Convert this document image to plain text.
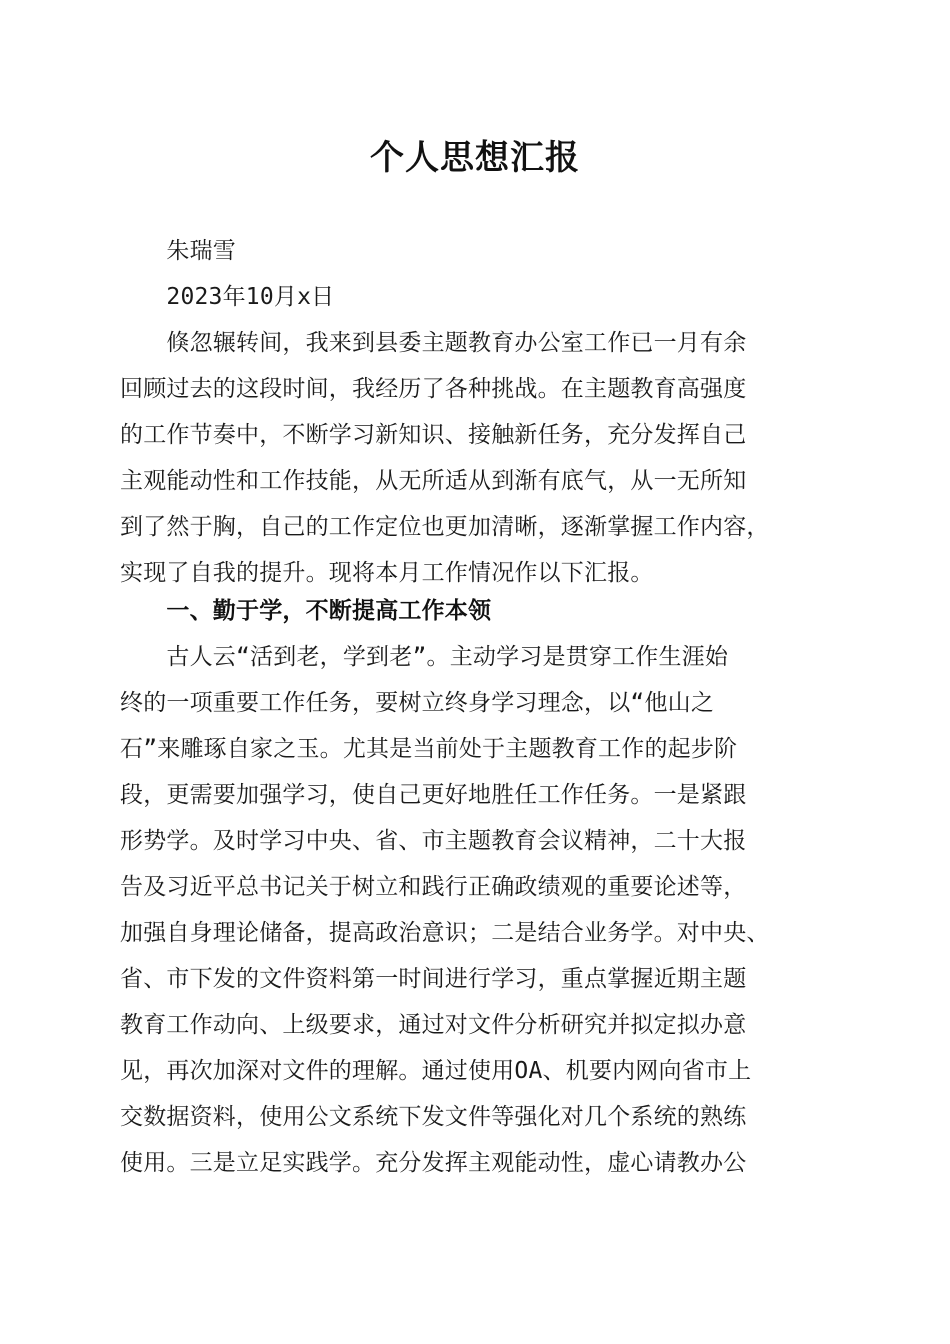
个人思想汇报
　　朱瑞雪
　　2023年10月x日
　　倏忽辗转间，我来到县委主题教育办公室工作已一月有余
回顾过去的这段时间，我经历了各种挑战。在主题教育高强度
的工作节奏中，不断学习新知识、接触新任务，充分发挥自己
主观能动性和工作技能，从无所适从到渐有底气，从一无所知
到了然于胸，自己的工作定位也更加清晰，逐渐掌握工作内容，
实现了自我的提升。现将本月工作情况作以下汇报。
　　一、勤于学，不断提高工作本领
　　古人云“活到老，学到老”。主动学习是贯穿工作生涯始
终的一项重要工作任务，要树立终身学习理念，以“他山之
石”来雕琢自家之玉。尤其是当前处于主题教育工作的起步阶
段，更需要加强学习，使自己更好地胜任工作任务。一是紧跟
形势学。及时学习中央、省、市主题教育会议精神，二十大报
告及习近平总书记关于树立和践行正确政绩观的重要论述等，
加强自身理论储备，提高政治意识；二是结合业务学。对中央、
省、市下发的文件资料第一时间进行学习，重点掌握近期主题
教育工作动向、上级要求，通过对文件分析研究并拟定拟办意
见，再次加深对文件的理解。通过使用OA、机要内网向省市上
交数据资料，使用公文系统下发文件等强化对几个系统的熟练
使用。三是立足实践学。充分发挥主观能动性，虚心请教办公
